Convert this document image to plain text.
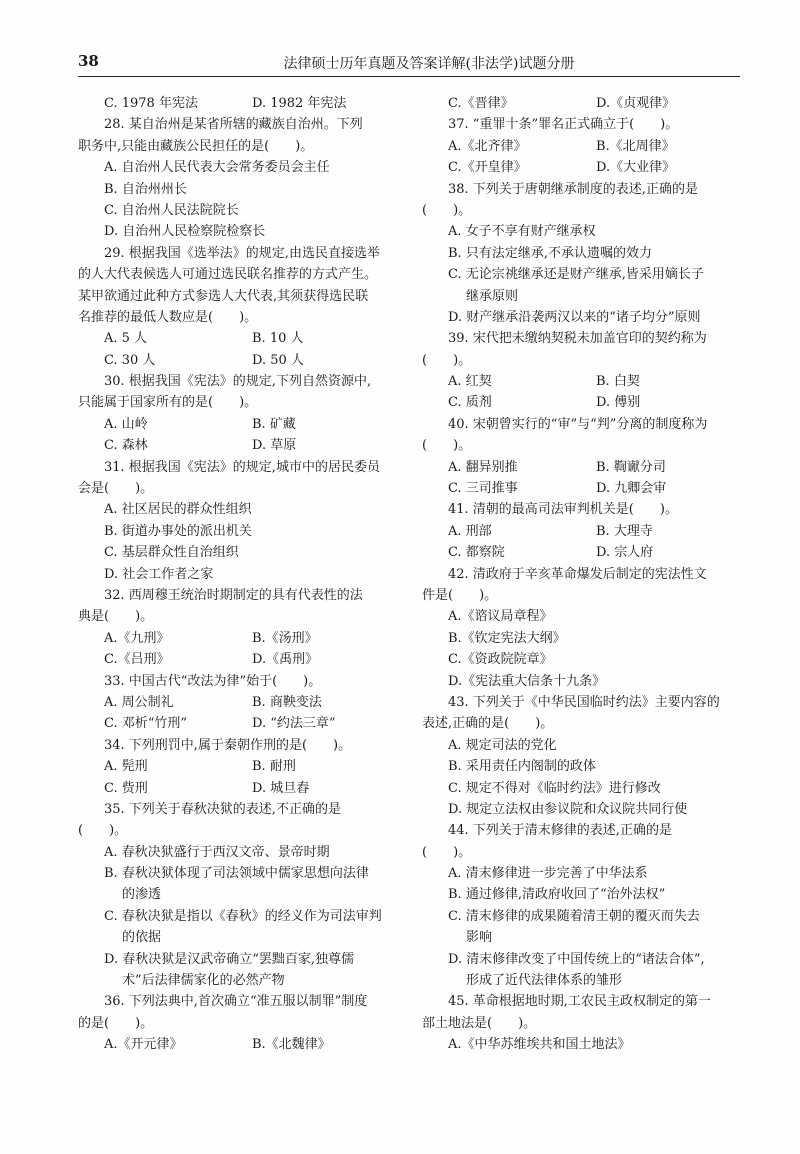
38	法律硕士历年真题及答案详解(非法学)试题分册
C. 1978 年宪法	D. 1982 年宪法
28. 某自治州是某省所辖的藏族自治州。下列
职务中,只能由藏族公民担任的是(　　)。
A. 自治州人民代表大会常务委员会主任
B. 自治州州长
C. 自治州人民法院院长
D. 自治州人民检察院检察长
29. 根据我国《选举法》的规定,由选民直接选举
的人大代表候选人可通过选民联名推荐的方式产生。
某甲欲通过此种方式参选人大代表,其须获得选民联
名推荐的最低人数应是(　　)。
A. 5 人	B. 10 人
C. 30 人	D. 50 人
30. 根据我国《宪法》的规定,下列自然资源中,
只能属于国家所有的是(　　)。
A. 山岭	B. 矿藏
C. 森林	D. 草原
31. 根据我国《宪法》的规定,城市中的居民委员
会是(　　)。
A. 社区居民的群众性组织
B. 街道办事处的派出机关
C. 基层群众性自治组织
D. 社会工作者之家
32. 西周穆王统治时期制定的具有代表性的法
典是(　　)。
A.《九刑》	B.《汤刑》
C.《吕刑》	D.《禹刑》
33. 中国古代“改法为律”始于(　　)。
A. 周公制礼	B. 商鞅变法
C. 邓析“竹刑”	D. “约法三章”
34. 下列刑罚中,属于秦朝作刑的是(　　)。
A. 髡刑	B. 耐刑
C. 赀刑	D. 城旦舂
35. 下列关于春秋决狱的表述,不正确的是
(　　)。
A. 春秋决狱盛行于西汉文帝、景帝时期
B. 春秋决狱体现了司法领域中儒家思想向法律
的渗透
C. 春秋决狱是指以《春秋》的经义作为司法审判
的依据
D. 春秋决狱是汉武帝确立“罢黜百家,独尊儒
术”后法律儒家化的必然产物
36. 下列法典中,首次确立“准五服以制罪”制度
的是(　　)。
A.《开元律》	B.《北魏律》
C.《晋律》	D.《贞观律》
37. “重罪十条”罪名正式确立于(　　)。
A.《北齐律》	B.《北周律》
C.《开皇律》	D.《大业律》
38. 下列关于唐朝继承制度的表述,正确的是
(　　)。
A. 女子不享有财产继承权
B. 只有法定继承,不承认遗嘱的效力
C. 无论宗祧继承还是财产继承,皆采用嫡长子
继承原则
D. 财产继承沿袭两汉以来的“诸子均分”原则
39. 宋代把未缴纳契税未加盖官印的契约称为
(　　)。
A. 红契	B. 白契
C. 质剂	D. 傅别
40. 宋朝曾实行的“审”与“判”分离的制度称为
(　　)。
A. 翻异别推	B. 鞫谳分司
C. 三司推事	D. 九卿会审
41. 清朝的最高司法审判机关是(　　)。
A. 刑部	B. 大理寺
C. 都察院	D. 宗人府
42. 清政府于辛亥革命爆发后制定的宪法性文
件是(　　)。
A.《谘议局章程》
B.《钦定宪法大纲》
C.《资政院院章》
D.《宪法重大信条十九条》
43. 下列关于《中华民国临时约法》主要内容的
表述,正确的是(　　)。
A. 规定司法的党化
B. 采用责任内阁制的政体
C. 规定不得对《临时约法》进行修改
D. 规定立法权由参议院和众议院共同行使
44. 下列关于清末修律的表述,正确的是
(　　)。
A. 清末修律进一步完善了中华法系
B. 通过修律,清政府收回了“治外法权”
C. 清末修律的成果随着清王朝的覆灭而失去
影响
D. 清末修律改变了中国传统上的“诸法合体”,
形成了近代法律体系的雏形
45. 革命根据地时期,工农民主政权制定的第一
部土地法是(　　)。
A.《中华苏维埃共和国土地法》
